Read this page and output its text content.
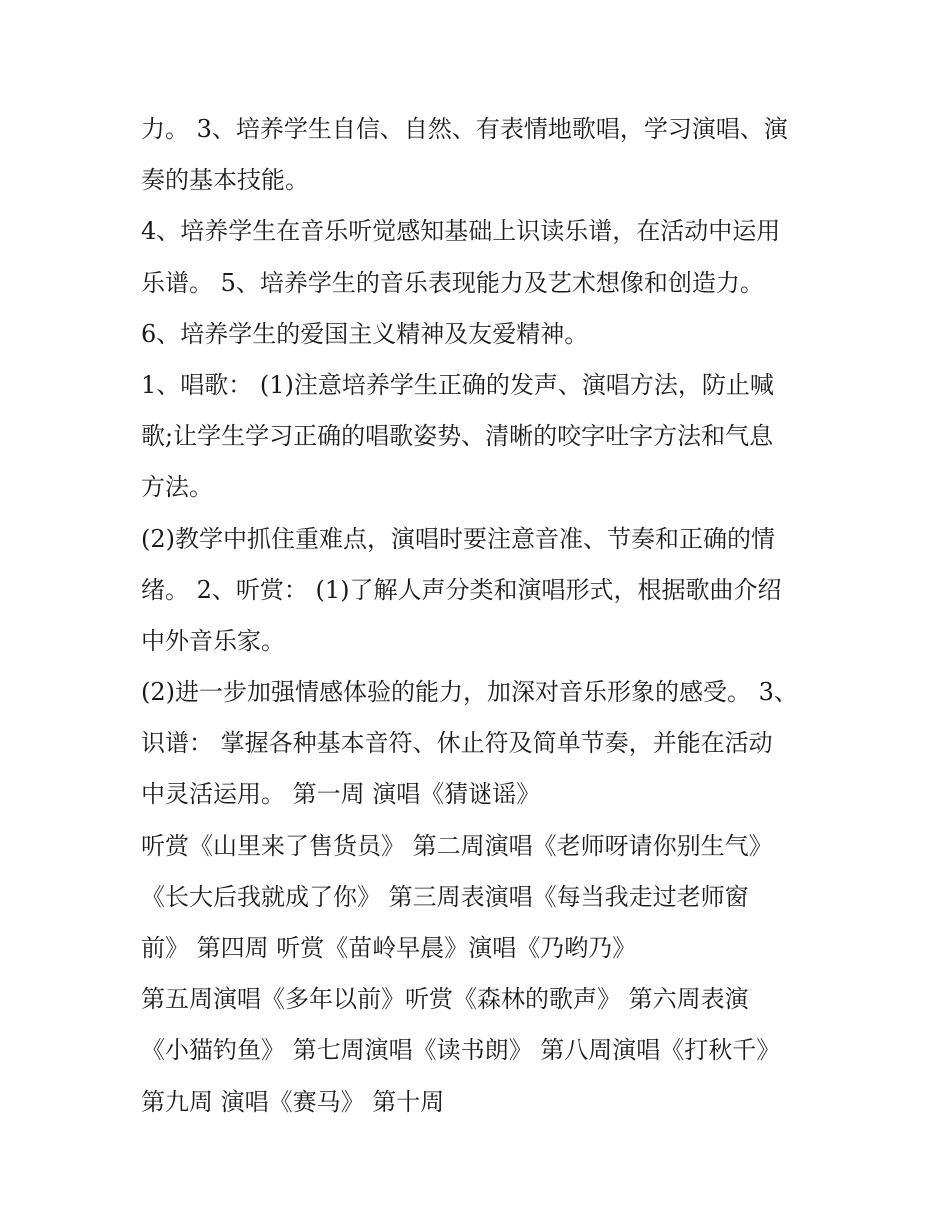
力。 3、培养学生自信、自然、有表情地歌唱，学习演唱、演
奏的基本技能。
4、培养学生在音乐听觉感知基础上识读乐谱，在活动中运用
乐谱。 5、培养学生的音乐表现能力及艺术想像和创造力。
6、培养学生的爱国主义精神及友爱精神。
1、唱歌： (1)注意培养学生正确的发声、演唱方法，防止喊
歌;让学生学习正确的唱歌姿势、清晰的咬字吐字方法和气息
方法。
(2)教学中抓住重难点，演唱时要注意音准、节奏和正确的情
绪。 2、听赏： (1)了解人声分类和演唱形式，根据歌曲介绍
中外音乐家。
(2)进一步加强情感体验的能力，加深对音乐形象的感受。 3、
识谱： 掌握各种基本音符、休止符及简单节奏，并能在活动
中灵活运用。 第一周 演唱《猜谜谣》
听赏《山里来了售货员》 第二周演唱《老师呀请你别生气》
《长大后我就成了你》 第三周表演唱《每当我走过老师窗
前》 第四周 听赏《苗岭早晨》演唱《乃哟乃》
第五周演唱《多年以前》听赏《森林的歌声》 第六周表演
《小猫钓鱼》 第七周演唱《读书朗》 第八周演唱《打秋千》
第九周 演唱《赛马》 第十周
